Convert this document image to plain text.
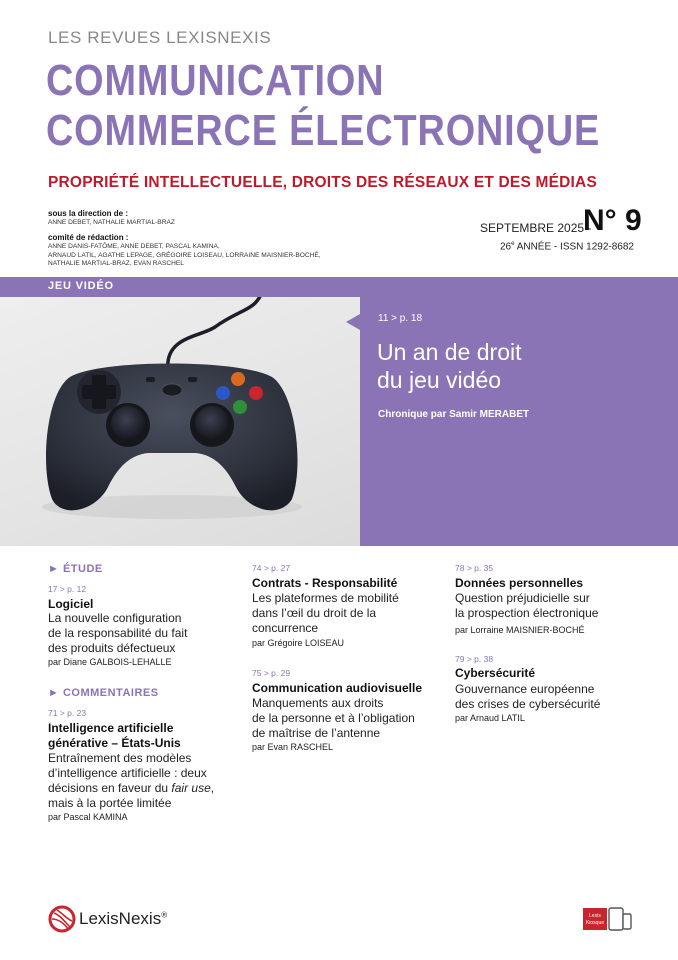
LES REVUES LEXISNEXIS
COMMUNICATION
COMMERCE ÉLECTRONIQUE
PROPRIÉTÉ INTELLECTUELLE, DROITS DES RÉSEAUX ET DES MÉDIAS
sous la direction de :
ANNE DEBET, NATHALIE MARTIAL-BRAZ
comité de rédaction :
ANNE DANIS-FATÔME, ANNE DEBET, PASCAL KAMINA,
ARNAUD LATIL, AGATHE LEPAGE, GRÉGOIRE LOISEAU, LORRAINE MAISNIER-BOCHÉ,
NATHALIE MARTIAL-BRAZ, EVAN RASCHEL
SEPTEMBRE 2025 -
N° 9
26e ANNÉE - ISSN 1292-8682
JEU VIDÉO
11 > p. 18
Un an de droit
du jeu vidéo
Chronique par Samir MERABET
► ÉTUDE
17 > p. 12
Logiciel
La nouvelle configuration
de la responsabilité du fait
des produits défectueux
par Diane GALBOIS-LEHALLE
► COMMENTAIRES
71 > p. 23
Intelligence artificielle
générative – États-Unis
Entraînement des modèles
d’intelligence artificielle : deux
décisions en faveur du fair use,
mais à la portée limitée
par Pascal KAMINA
74 > p. 27
Contrats - Responsabilité
Les plateformes de mobilité
dans l’œil du droit de la
concurrence
par Grégoire LOISEAU
75 > p. 29
Communication audiovisuelle
Manquements aux droits
de la personne et à l’obligation
de maîtrise de l’antenne
par Evan RASCHEL
78 > p. 35
Données personnelles
Question préjudicielle sur
la prospection électronique
par Lorraine MAISNIER-BOCHÉ
79 > p. 38
Cybersécurité
Gouvernance européenne
des crises de cybersécurité
par Arnaud LATIL
LexisNexis®	Lexis
Kiosque
